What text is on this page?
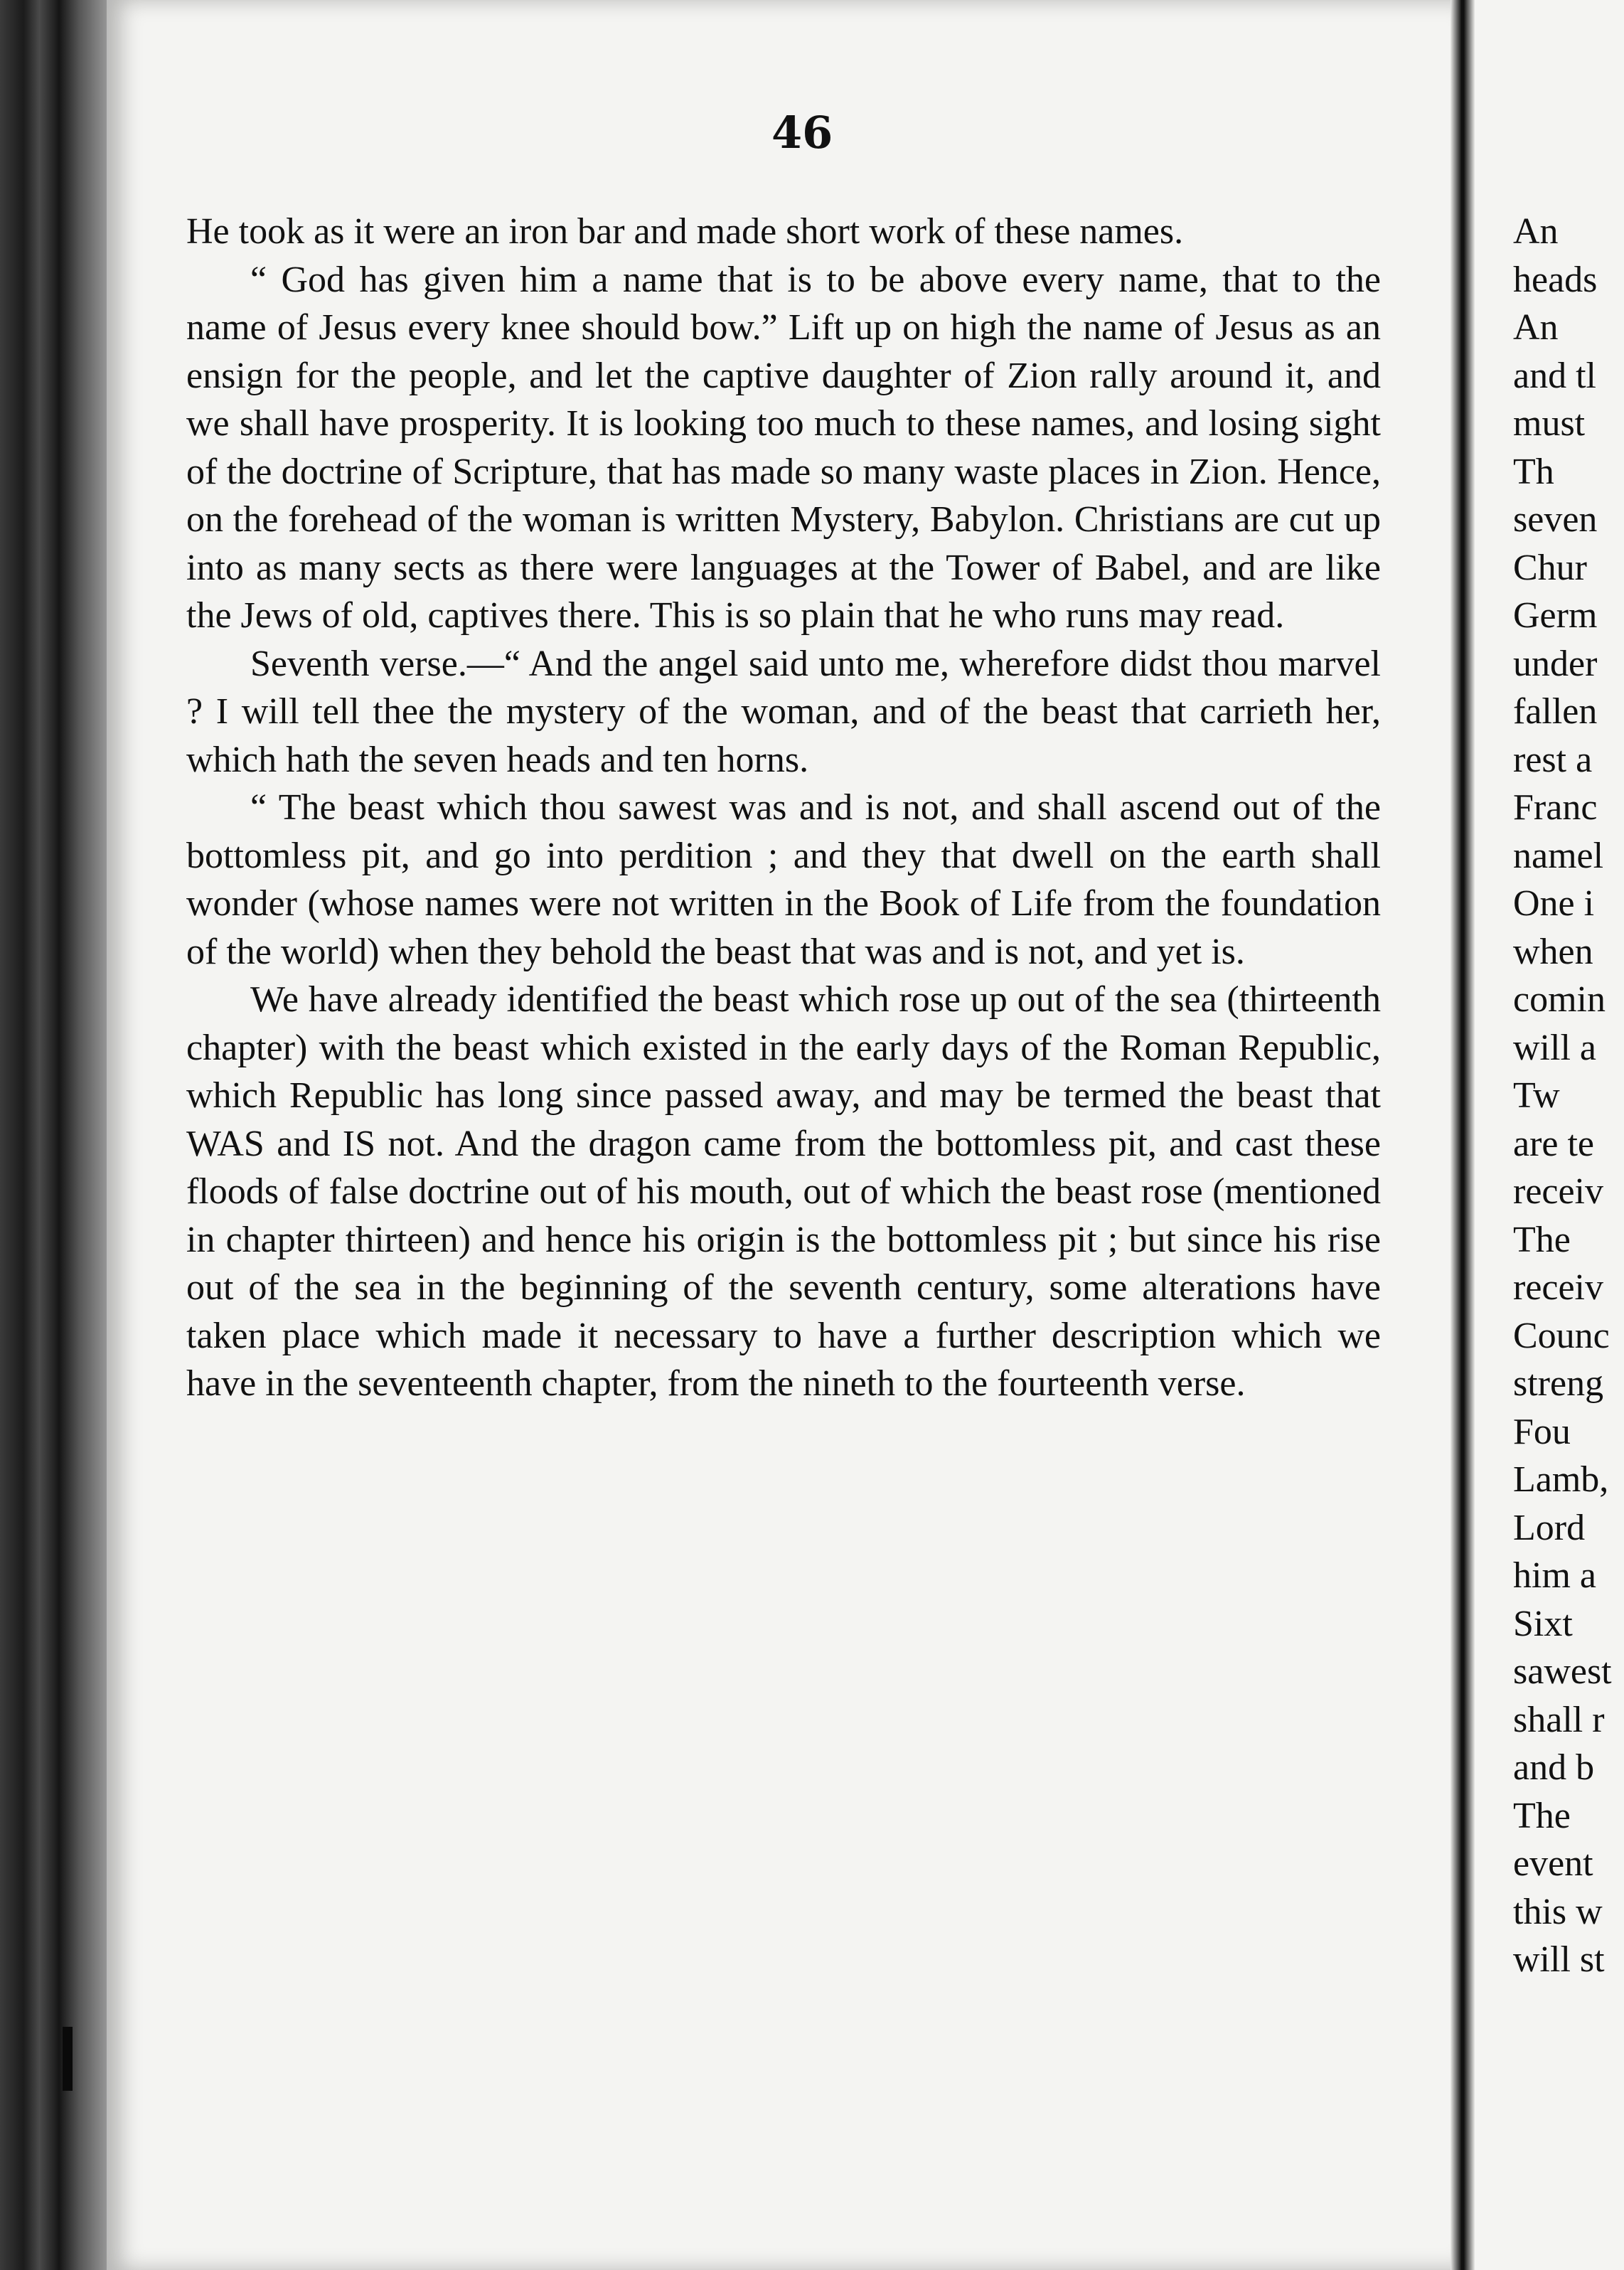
46

He took as it were an iron bar and made short work of these names.

“ God has given him a name that is to be above every name, that to the name of Jesus every knee should bow.” Lift up on high the name of Jesus as an ensign for the people, and let the captive daughter of Zion rally around it, and we shall have prosperity. It is looking too much to these names, and losing sight of the doctrine of Scripture, that has made so many waste places in Zion. Hence, on the forehead of the woman is written Mystery, Babylon. Christians are cut up into as many sects as there were languages at the Tower of Babel, and are like the Jews of old, captives there. This is so plain that he who runs may read.

Seventh verse.—“ And the angel said unto me, wherefore didst thou marvel ? I will tell thee the mystery of the woman, and of the beast that carrieth her, which hath the seven heads and ten horns.

“ The beast which thou sawest was and is not, and shall ascend out of the bottomless pit, and go into perdition ; and they that dwell on the earth shall wonder (whose names were not written in the Book of Life from the foundation of the world) when they behold the beast that was and is not, and yet is.

We have already identified the beast which rose up out of the sea (thirteenth chapter) with the beast which existed in the early days of the Roman Republic, which Republic has long since passed away, and may be termed the beast that WAS and IS not. And the dragon came from the bottomless pit, and cast these floods of false doctrine out of his mouth, out of which the beast rose (mentioned in chapter thirteen) and hence his origin is the bottomless pit ; but since his rise out of the sea in the beginning of the seventh century, some alterations have taken place which made it necessary to have a further description which we have in the seventeenth chapter, from the nineth to the fourteenth verse.

An
heads
An
and tl
must
Th
seven
Chur
Germ
under
fallen
rest a
Franc
namel
One i
when
comin
will a
Tw
are te
receiv
The
receiv
Counc
streng
Fou
Lamb,
Lord
him a
Sixt
sawest
shall r
and b
The
event
this w
will st
